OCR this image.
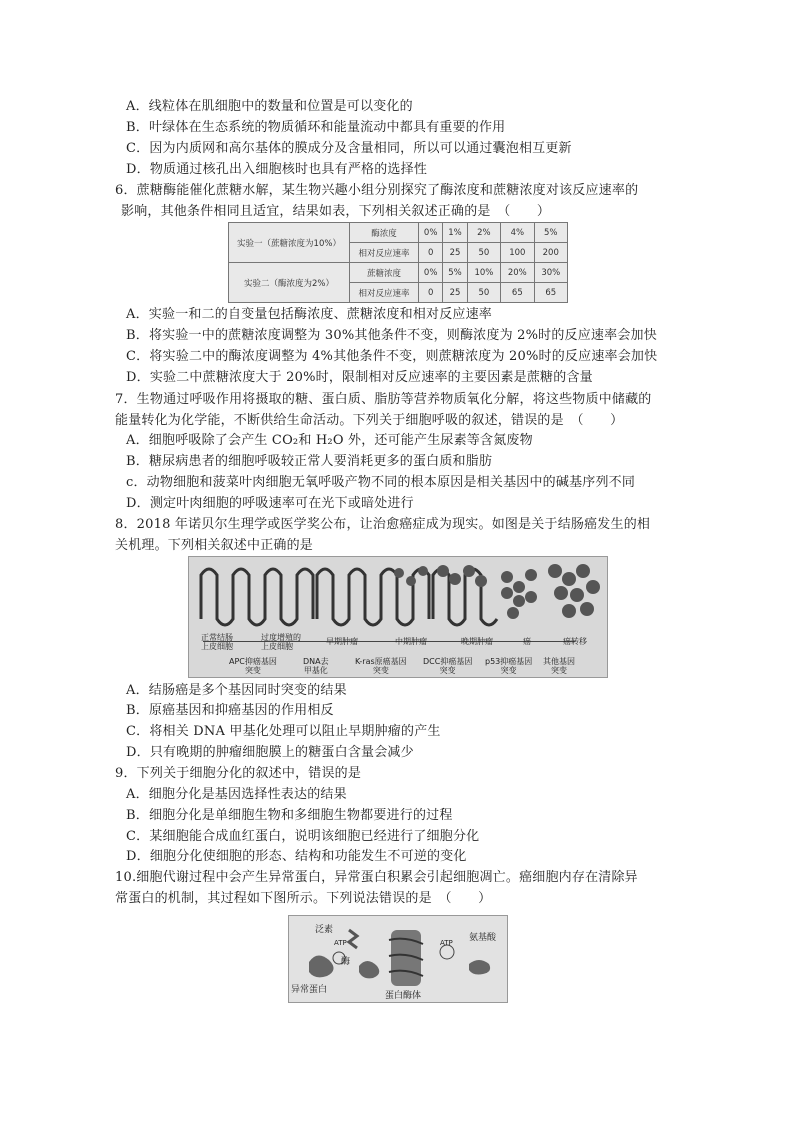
A．线粒体在肌细胞中的数量和位置是可以变化的
B．叶绿体在生态系统的物质循环和能量流动中都具有重要的作用
C．因为内质网和高尔基体的膜成分及含量相同，所以可以通过囊泡相互更新
D．物质通过核孔出入细胞核时也具有严格的选择性
6．蔗糖酶能催化蔗糖水解，某生物兴趣小组分别探究了酶浓度和蔗糖浓度对该反应速率的
影响，其他条件相同且适宜，结果如表，下列相关叙述正确的是　（　　）
实验一（蔗糖浓度为10%）	酶浓度	0%	1%	2%	4%	5%
	相对反应速率	0	25	50	100	200
实验二（酶浓度为2%）	蔗糖浓度	0%	5%	10%	20%	30%
	相对反应速率	0	25	50	65	65
A．实验一和二的自变量包括酶浓度、蔗糖浓度和相对反应速率
B．将实验一中的蔗糖浓度调整为 30%其他条件不变，则酶浓度为 2%时的反应速率会加快
C．将实验二中的酶浓度调整为 4%其他条件不变，则蔗糖浓度为 20%时的反应速率会加快
D．实验二中蔗糖浓度大于 20%时，限制相对反应速率的主要因素是蔗糖的含量
7．生物通过呼吸作用将摄取的糖、蛋白质、脂肪等营养物质氧化分解，将这些物质中储藏的
能量转化为化学能，不断供给生命活动。下列关于细胞呼吸的叙述，错误的是　（　　）
A．细胞呼吸除了会产生 CO₂和 H₂O 外，还可能产生尿素等含氮废物
B．糖尿病患者的细胞呼吸较正常人要消耗更多的蛋白质和脂肪
c．动物细胞和菠菜叶肉细胞无氧呼吸产物不同的根本原因是相关基因中的碱基序列不同
D．测定叶肉细胞的呼吸速率可在光下或暗处进行
8．2018 年诺贝尔生理学或医学奖公布，让治愈癌症成为现实。如图是关于结肠癌发生的相
关机理。下列相关叙述中正确的是
正常结肠
上皮细胞
过度增殖的
上皮细胞
早期肿瘤	中期肿瘤	晚期肿瘤	癌	癌转移
APC抑癌基因
突变
DNA去
甲基化
K-ras原癌基因
突变
DCC抑癌基因
突变
p53抑癌基因
突变
其他基因
突变
A．结肠癌是多个基因同时突变的结果
B．原癌基因和抑癌基因的作用相反
C．将相关 DNA 甲基化处理可以阻止早期肿瘤的产生
D．只有晚期的肿瘤细胞膜上的糖蛋白含量会减少
9．下列关于细胞分化的叙述中，错误的是
A．细胞分化是基因选择性表达的结果
B．细胞分化是单细胞生物和多细胞生物都要进行的过程
C．某细胞能合成血红蛋白，说明该细胞已经进行了细胞分化
D．细胞分化使细胞的形态、结构和功能发生不可逆的变化
10.细胞代谢过程中会产生异常蛋白，异常蛋白积累会引起细胞凋亡。癌细胞内存在清除异
常蛋白的机制，其过程如下图所示。下列说法错误的是　（　　）
泛素
ATP
酶
异常蛋白
ATP 氨基酸
蛋白酶体
